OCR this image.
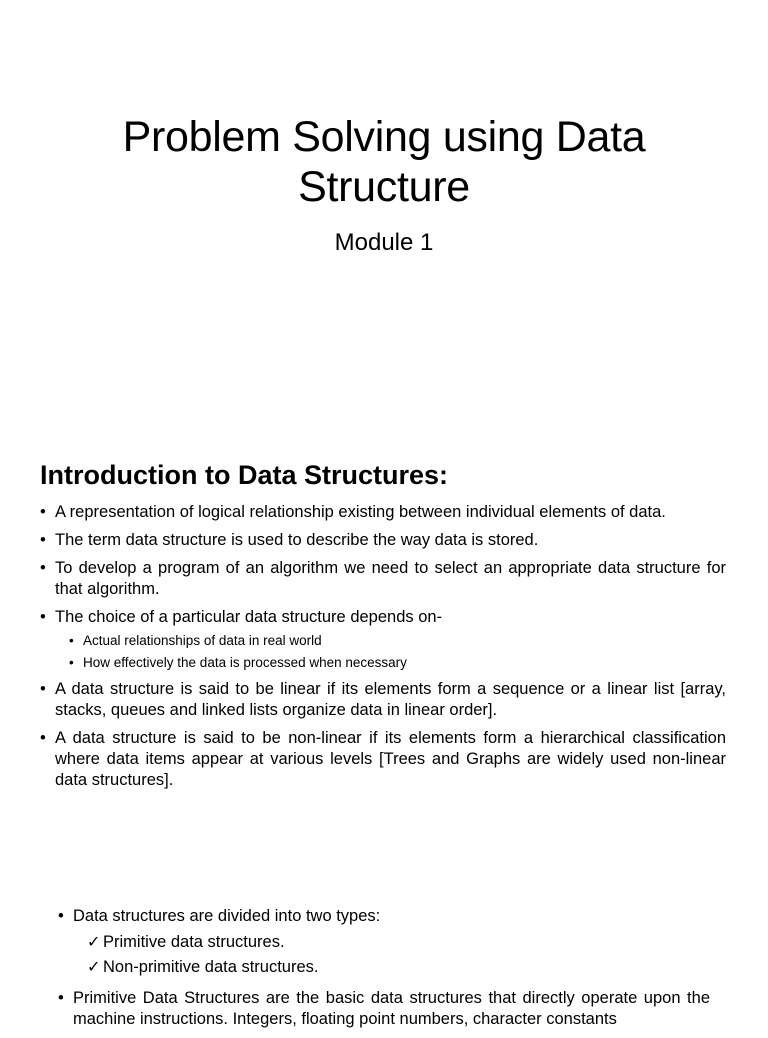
Problem Solving using Data Structure
Module 1
Introduction to Data Structures:
• A representation of logical relationship existing between individual elements of data.
• The term data structure is used to describe the way data is stored.
• To develop a program of an algorithm we need to select an appropriate data structure for that algorithm.
• The choice of a particular data structure depends on-
• Actual relationships of data in real world
• How effectively the data is processed when necessary
• A data structure is said to be linear if its elements form a sequence or a linear list [array, stacks, queues and linked lists organize data in linear order].
• A data structure is said to be non-linear if its elements form a hierarchical classification where data items appear at various levels [Trees and Graphs are widely used non-linear data structures].
• Data structures are divided into two types:
✓ Primitive data structures.
✓ Non-primitive data structures.
• Primitive Data Structures are the basic data structures that directly operate upon the machine instructions. Integers, floating point numbers, character constants
